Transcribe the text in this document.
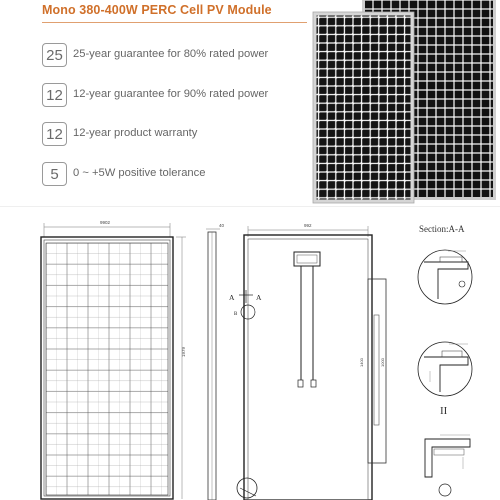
Mono 380-400W PERC Cell PV Module
25 25-year guarantee for 80% rated power
12 12-year guarantee for 90% rated power
12 12-year product warranty
5	0 ~ +5W positive tolerance
9902
1979
40	992
1400	1000
A	A
B
Section:A-A
II
